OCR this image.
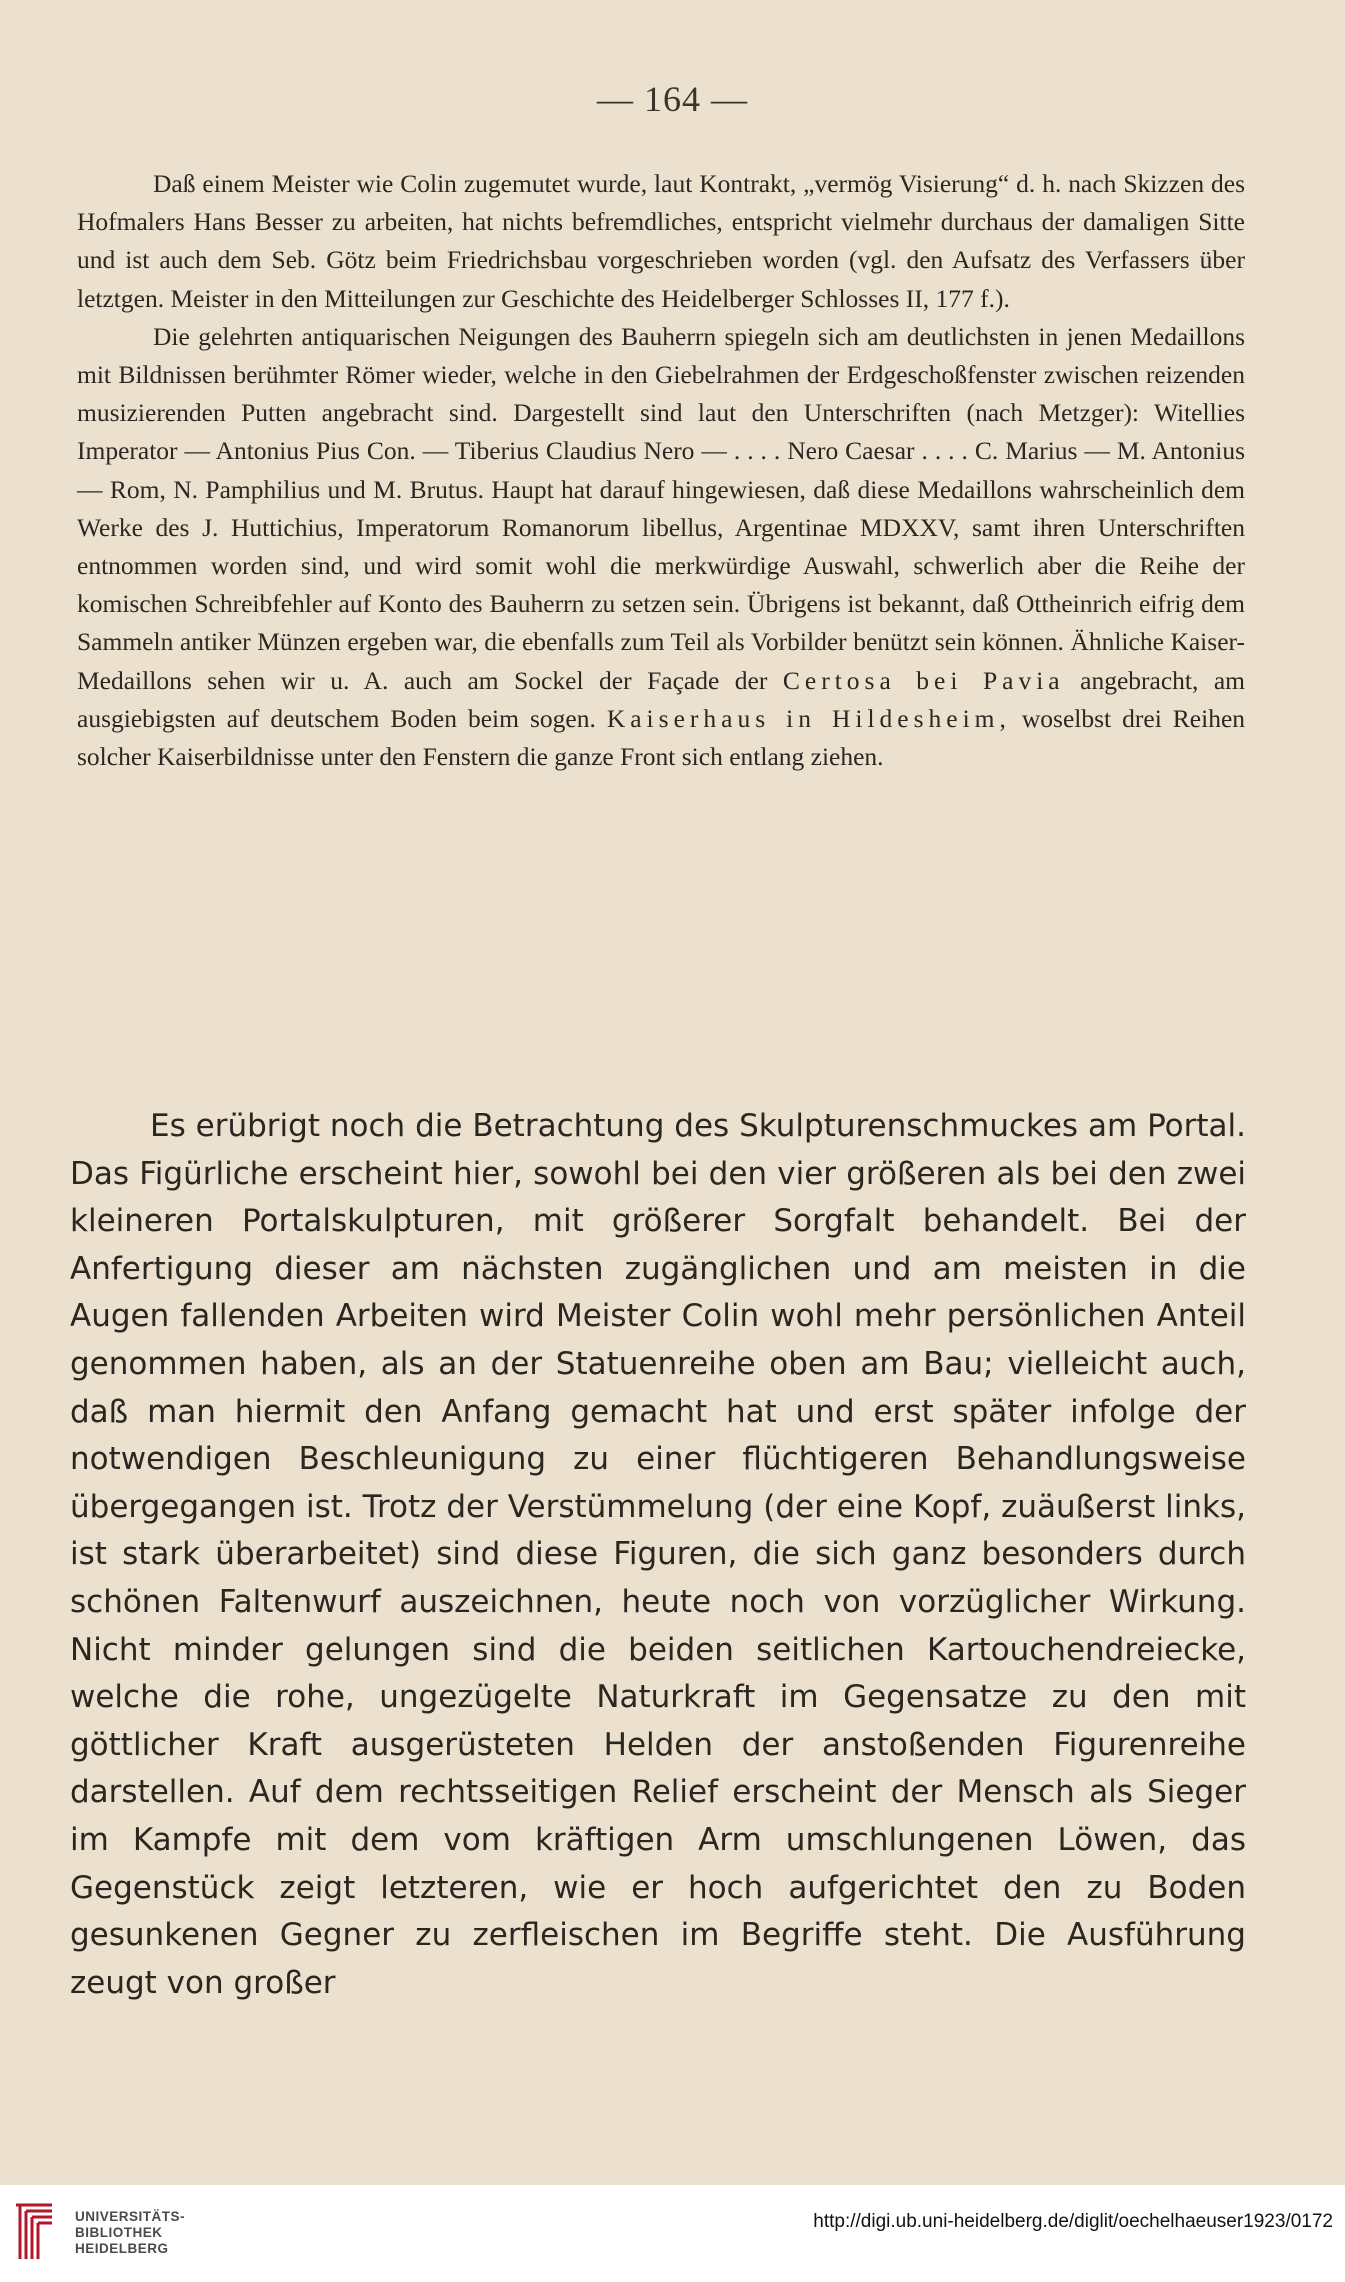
— 164 —

Daß einem Meister wie Colin zugemutet wurde, laut Kontrakt, „vermög Visierung“ d. h. nach Skizzen des Hofmalers Hans Besser zu arbeiten, hat nichts befremdliches, entspricht vielmehr durchaus der damaligen Sitte und ist auch dem Seb. Götz beim Friedrichsbau vorgeschrieben worden (vgl. den Aufsatz des Verfassers über letztgen. Meister in den Mitteilungen zur Geschichte des Heidelberger Schlosses II, 177 f.).

Die gelehrten antiquarischen Neigungen des Bauherrn spiegeln sich am deutlichsten in jenen Medaillons mit Bildnissen berühmter Römer wieder, welche in den Giebelrahmen der Erdgeschoßfenster zwischen reizenden musizierenden Putten angebracht sind. Dargestellt sind laut den Unterschriften (nach Metzger): Witellies Imperator — Antonius Pius Con. — Tiberius Claudius Nero — . . . . Nero Caesar . . . . C. Marius — M. Antonius — Rom, N. Pamphilius und M. Brutus. Haupt hat darauf hingewiesen, daß diese Medaillons wahrscheinlich dem Werke des J. Huttichius, Imperatorum Romanorum libellus, Argentinae MDXXV, samt ihren Unterschriften entnommen worden sind, und wird somit wohl die merkwürdige Auswahl, schwerlich aber die Reihe der komischen Schreibfehler auf Konto des Bauherrn zu setzen sein. Übrigens ist bekannt, daß Ottheinrich eifrig dem Sammeln antiker Münzen ergeben war, die ebenfalls zum Teil als Vorbilder benützt sein können. Ähnliche Kaiser-Medaillons sehen wir u. A. auch am Sockel der Façade der Certosa bei Pavia angebracht, am ausgiebigsten auf deutschem Boden beim sogen. Kaiserhaus in Hildesheim, woselbst drei Reihen solcher Kaiserbildnisse unter den Fenstern die ganze Front sich entlang ziehen.

Es erübrigt noch die Betrachtung des Skulpturenschmuckes am Portal. Das Figürliche erscheint hier, sowohl bei den vier größeren als bei den zwei kleineren Portalskulpturen, mit größerer Sorgfalt behandelt. Bei der Anfertigung dieser am nächsten zugänglichen und am meisten in die Augen fallenden Arbeiten wird Meister Colin wohl mehr persönlichen Anteil genommen haben, als an der Statuenreihe oben am Bau; vielleicht auch, daß man hiermit den Anfang gemacht hat und erst später infolge der notwendigen Beschleunigung zu einer flüchtigeren Behandlungsweise übergegangen ist. Trotz der Verstümmelung (der eine Kopf, zuäußerst links, ist stark überarbeitet) sind diese Figuren, die sich ganz besonders durch schönen Faltenwurf auszeichnen, heute noch von vorzüglicher Wirkung. Nicht minder gelungen sind die beiden seitlichen Kartouchendreiecke, welche die rohe, ungezügelte Naturkraft im Gegensatze zu den mit göttlicher Kraft ausgerüsteten Helden der anstoßenden Figurenreihe darstellen. Auf dem rechtsseitigen Relief erscheint der Mensch als Sieger im Kampfe mit dem vom kräftigen Arm umschlungenen Löwen, das Gegenstück zeigt letzteren, wie er hoch aufgerichtet den zu Boden gesunkenen Gegner zu zerfleischen im Begriffe steht. Die Ausführung zeugt von großer

UNIVERSITÄTS-
BIBLIOTHEK
HEIDELBERG
http://digi.ub.uni-heidelberg.de/diglit/oechelhaeuser1923/0172
